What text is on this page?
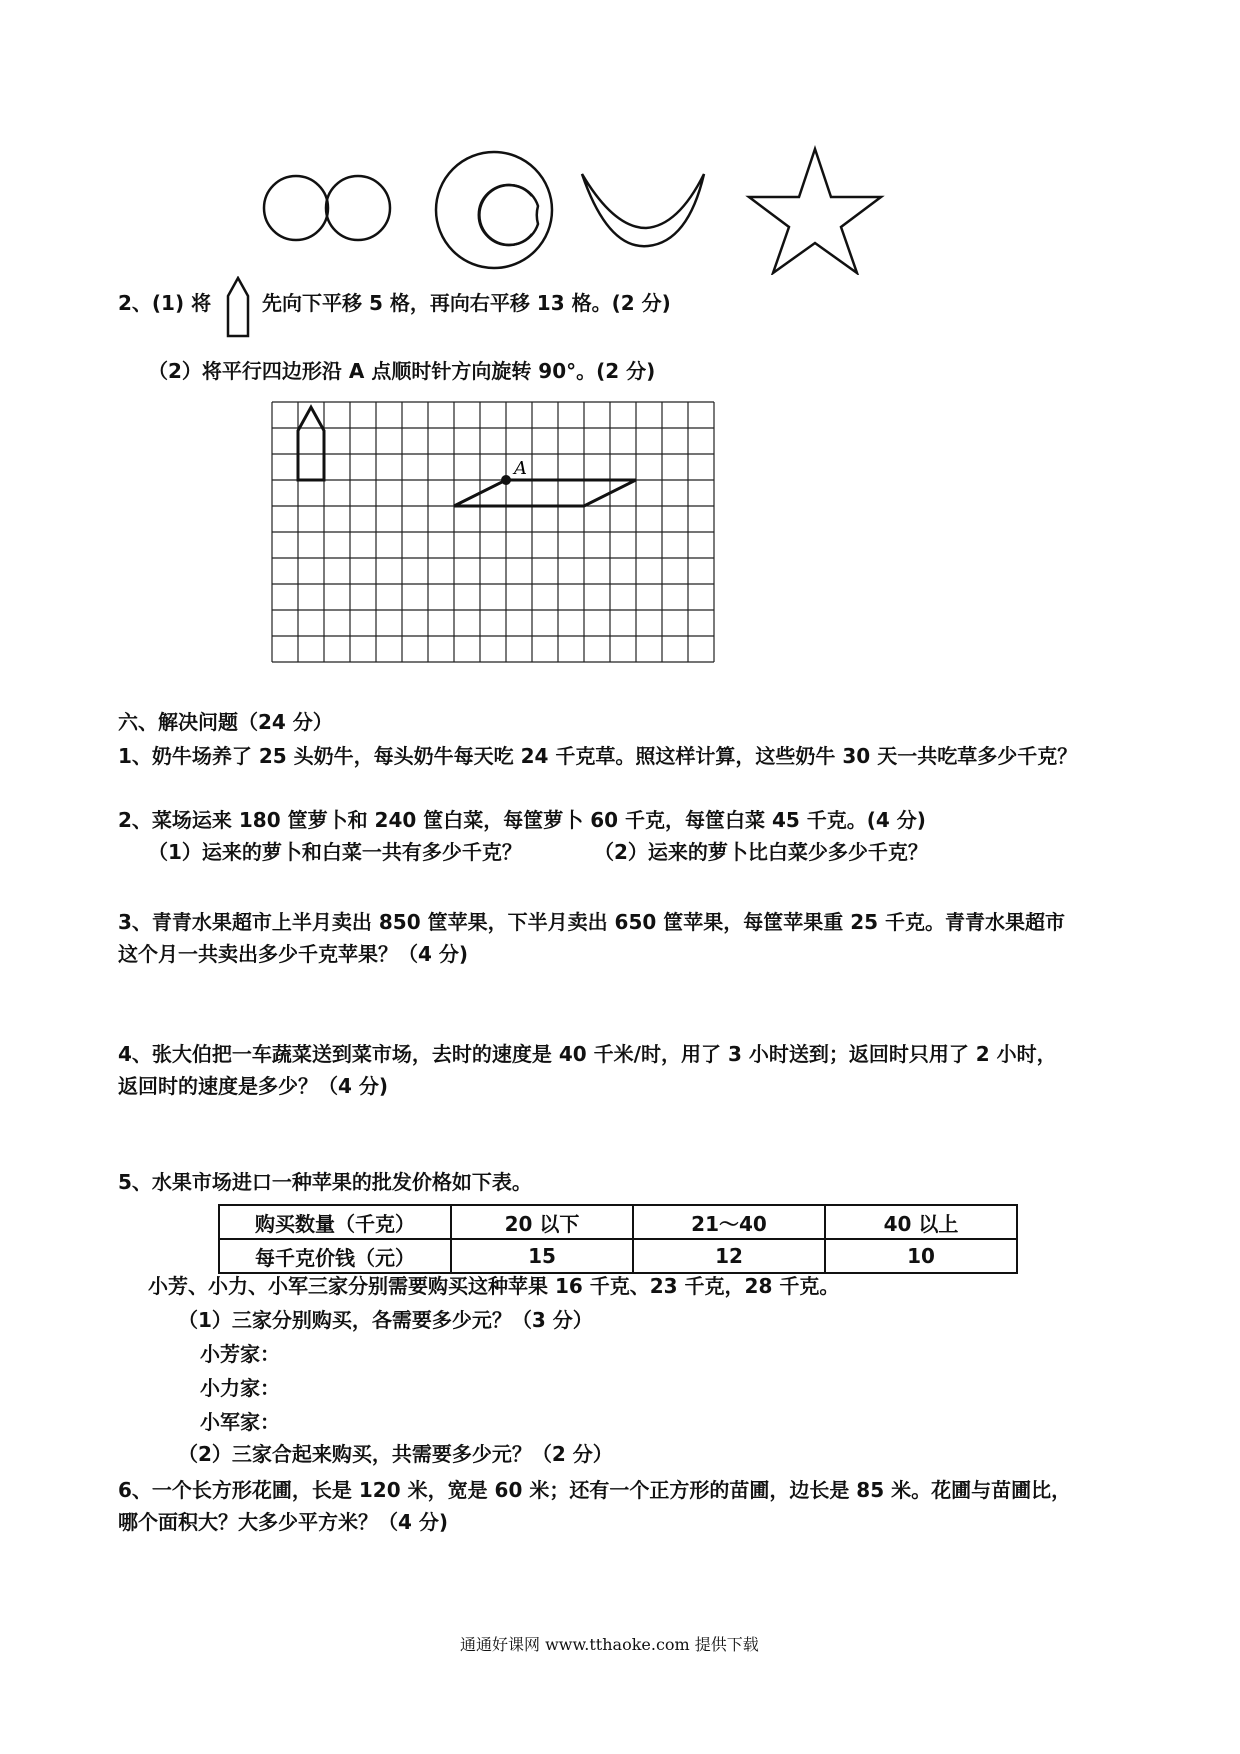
2、(1) 将	先向下平移 5 格，再向右平移 13 格。(2 分)
（2）将平行四边形沿 A 点顺时针方向旋转 90°。(2 分)
A
六、解决问题（24 分）
1、奶牛场养了 25 头奶牛，每头奶牛每天吃 24 千克草。照这样计算，这些奶牛 30 天一共吃草多少千克？
2、菜场运来 180 筐萝卜和 240 筐白菜，每筐萝卜 60 千克，每筐白菜 45 千克。(4 分)
（1）运来的萝卜和白菜一共有多少千克？	（2）运来的萝卜比白菜少多少千克？
3、青青水果超市上半月卖出 850 筐苹果，下半月卖出 650 筐苹果，每筐苹果重 25 千克。青青水果超市
这个月一共卖出多少千克苹果？（4 分)
4、张大伯把一车蔬菜送到菜市场，去时的速度是 40 千米/时，用了 3 小时送到；返回时只用了 2 小时，
返回时的速度是多少？（4 分)
5、水果市场进口一种苹果的批发价格如下表。
购买数量（千克）	20 以下	21～40	40 以上
每千克价钱（元）	15	12	10
小芳、小力、小军三家分别需要购买这种苹果 16 千克、23 千克，28 千克。
（1）三家分别购买，各需要多少元？（3 分）
小芳家：
小力家：
小军家：
（2）三家合起来购买，共需要多少元？（2 分）
6、一个长方形花圃，长是 120 米，宽是 60 米；还有一个正方形的苗圃，边长是 85 米。花圃与苗圃比，
哪个面积大？大多少平方米？（4 分)
通通好课网 www.tthaoke.com 提供下载
